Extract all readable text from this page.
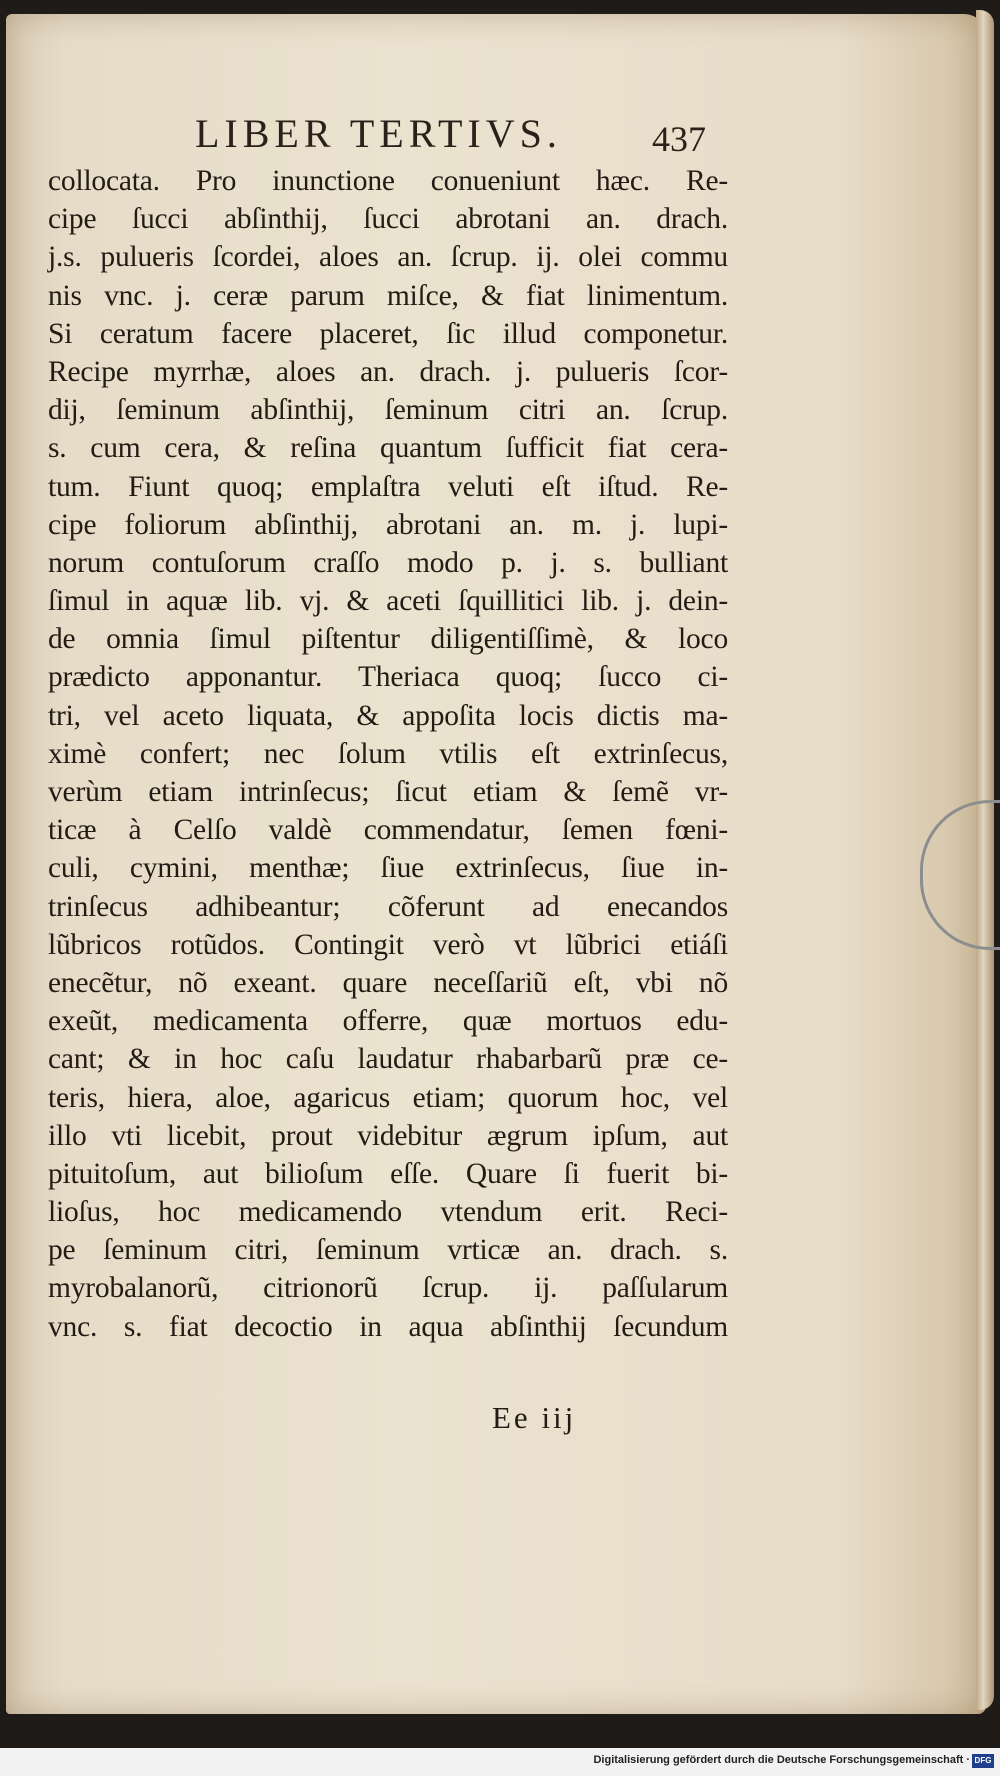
LIBER TERTIVS.	437
collocata. Pro inunctione conueniunt hæc. Re-
cipe ſucci abſinthij, ſucci abrotani an. drach.
j.s. pulueris ſcordei, aloes an. ſcrup. ij. olei commu
nis vnc. j. ceræ parum miſce, & fiat linimentum.
Si ceratum facere placeret, ſic illud componetur.
Recipe myrrhæ, aloes an. drach. j. pulueris ſcor-
dij, ſeminum abſinthij, ſeminum citri an. ſcrup.
s. cum cera, & reſina quantum ſufficit fiat cera-
tum. Fiunt quoq; emplaſtra veluti eſt iſtud. Re-
cipe foliorum abſinthij, abrotani an. m. j. lupi-
norum contuſorum craſſo modo p. j. s. bulliant
ſimul in aquæ lib. vj. & aceti ſquillitici lib. j. dein-
de omnia ſimul piſtentur diligentiſſimè, & loco
prædicto apponantur. Theriaca quoq; ſucco ci-
tri, vel aceto liquata, & appoſita locis dictis ma-
ximè confert; nec ſolum vtilis eſt extrinſecus,
verùm etiam intrinſecus; ſicut etiam & ſemẽ vr-
ticæ à Celſo valdè commendatur, ſemen fœni-
culi, cymini, menthæ; ſiue extrinſecus, ſiue in-
trinſecus adhibeantur; cõferunt ad enecandos
lũbricos rotũdos. Contingit verò vt lũbrici etiáſi
enecẽtur, nõ exeant. quare neceſſariũ eſt, vbi nõ
exeũt, medicamenta offerre, quæ mortuos edu-
cant; & in hoc caſu laudatur rhabarbarũ præ ce-
teris, hiera, aloe, agaricus etiam; quorum hoc, vel
illo vti licebit, prout videbitur ægrum ipſum, aut
pituitoſum, aut bilioſum eſſe. Quare ſi fuerit bi-
lioſus, hoc medicamendo vtendum erit. Reci-
pe ſeminum citri, ſeminum vrticæ an. drach. s.
myrobalanorũ, citrionorũ ſcrup. ij. paſſularum
vnc. s. fiat decoctio in aqua abſinthij ſecundum
Ee iij
Digitalisierung gefördert durch die Deutsche Forschungsgemeinschaft · DFG
